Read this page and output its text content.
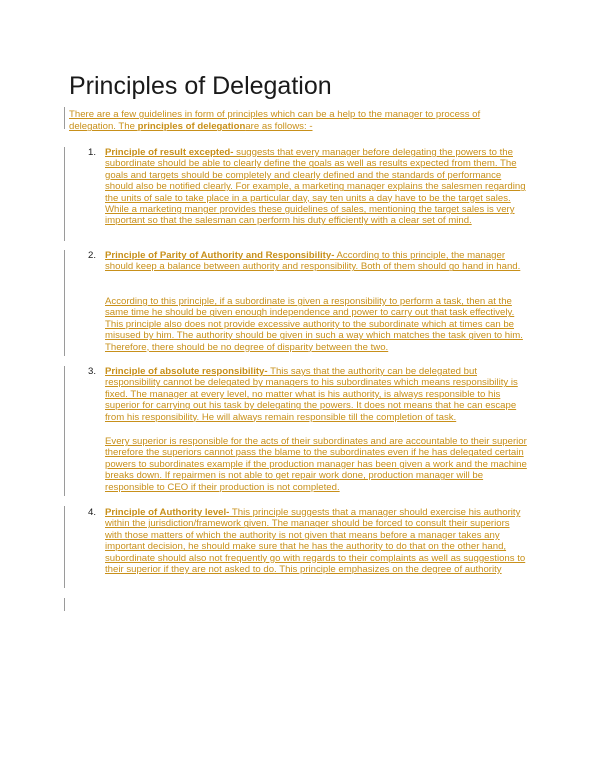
Principles of Delegation

There are a few guidelines in form of principles which can be a help to the manager to process of delegation. The principles of delegationare as follows: -

1. Principle of result excepted- suggests that every manager before delegating the powers to the subordinate should be able to clearly define the goals as well as results expected from them. The goals and targets should be completely and clearly defined and the standards of performance should also be notified clearly. For example, a marketing manager explains the salesmen regarding the units of sale to take place in a particular day, say ten units a day have to be the target sales. While a marketing manger provides these guidelines of sales, mentioning the target sales is very important so that the salesman can perform his duty efficiently with a clear set of mind.

2. Principle of Parity of Authority and Responsibility- According to this principle, the manager should keep a balance between authority and responsibility. Both of them should go hand in hand.

According to this principle, if a subordinate is given a responsibility to perform a task, then at the same time he should be given enough independence and power to carry out that task effectively. This principle also does not provide excessive authority to the subordinate which at times can be misused by him. The authority should be given in such a way which matches the task given to him. Therefore, there should be no degree of disparity between the two.

3. Principle of absolute responsibility- This says that the authority can be delegated but responsibility cannot be delegated by managers to his subordinates which means responsibility is fixed. The manager at every level, no matter what is his authority, is always responsible to his superior for carrying out his task by delegating the powers. It does not means that he can escape from his responsibility. He will always remain responsible till the completion of task.

Every superior is responsible for the acts of their subordinates and are accountable to their superior therefore the superiors cannot pass the blame to the subordinates even if he has delegated certain powers to subordinates example if the production manager has been given a work and the machine breaks down. If repairmen is not able to get repair work done, production manager will be responsible to CEO if their production is not completed.

4. Principle of Authority level- This principle suggests that a manager should exercise his authority within the jurisdiction/framework given. The manager should be forced to consult their superiors with those matters of which the authority is not given that means before a manager takes any important decision, he should make sure that he has the authority to do that on the other hand, subordinate should also not frequently go with regards to their complaints as well as suggestions to their superior if they are not asked to do. This principle emphasizes on the degree of authority
